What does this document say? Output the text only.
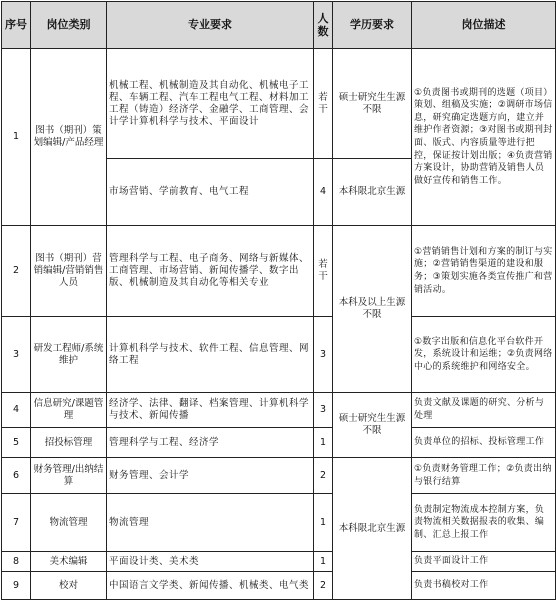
序号	岗位类别	专业要求	人数	学历要求	岗位描述
1	图书（期刊）策划编辑/产品经理	机械工程、机械制造及其自动化、机械电子工程、车辆工程、汽车工程电气工程、材料加工工程（铸造）经济学、金融学、工商管理、会计学计算机科学与技术、平面设计	若干	硕士研究生生源不限	①负责图书或期刊的选题（项目）策划、组稿及实施；②调研市场信息，研究确定选题方向，建立并维护作者资源；③对图书或期刊封面、版式、内容质量等进行把控，保证按计划出版；④负责营销方案设计，协助营销及销售人员做好宣传和销售工作。
		市场营销、学前教育、电气工程	4	本科限北京生源	
2	图书（期刊）营销编辑/营销销售人员	管理科学与工程、电子商务、网络与新媒体、工商管理、市场营销、新闻传播学、数字出版、机械制造及其自动化等相关专业	若干	本科及以上生源不限	①营销销售计划和方案的制订与实施；②营销销售渠道的建设和服务；③策划实施各类宣传推广和营销活动。
3	研发工程师/系统维护	计算机科学与技术、软件工程、信息管理、网络工程	3		①数字出版和信息化平台软件开发，系统设计和运维；②负责网络中心的系统维护和网络安全。
4	信息研究/课题管理	经济学、法律、翻译、档案管理、计算机科学与技术、新闻传播	3	硕士研究生生源不限	负责文献及课题的研究、分析与处理
5	招投标管理	管理科学与工程、经济学	1		负责单位的招标、投标管理工作
6	财务管理/出纳结算	财务管理、会计学	2	本科限北京生源	①负责财务管理工作；②负责出纳与银行结算
7	物流管理	物流管理	1		负责制定物流成本控制方案，负责物流相关数据报表的收集、编制、汇总上报工作
8	美术编辑	平面设计类、美术类	1		负责平面设计工作
9	校对	中国语言文学类、新闻传播、机械类、电气类	2		负责书稿校对工作
